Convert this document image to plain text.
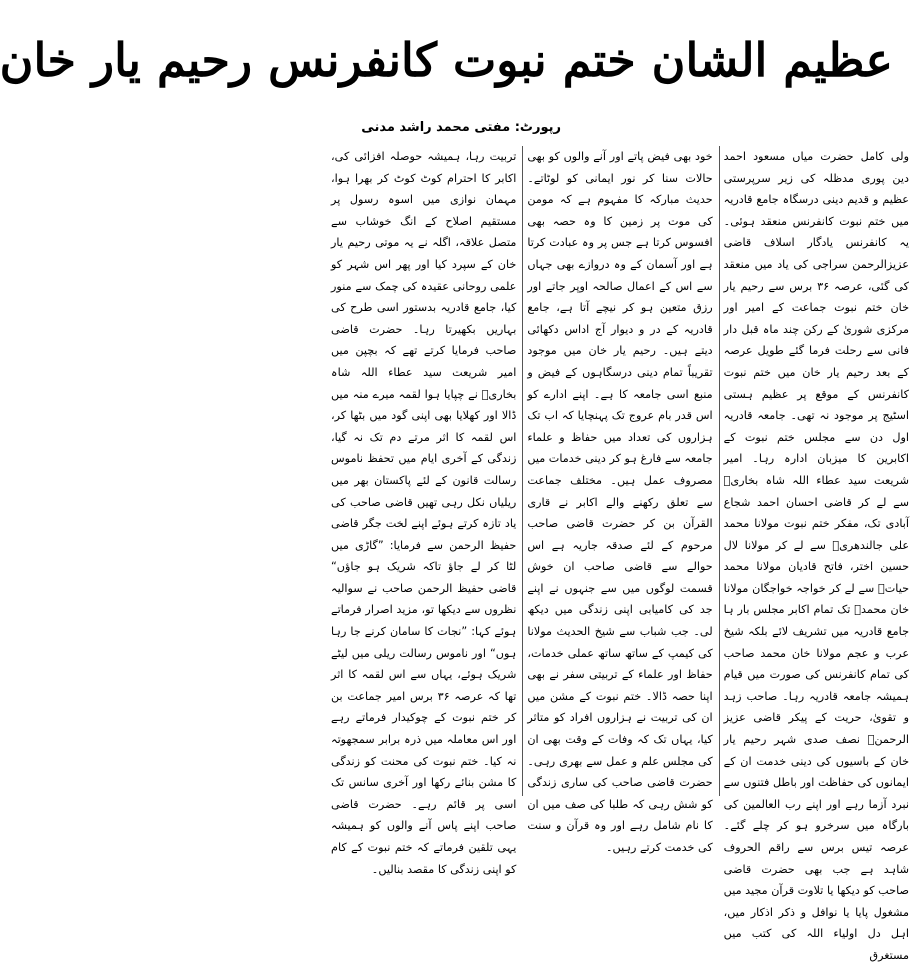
عظیم الشان ختم نبوت کانفرنس رحیم یار خان
رپورٹ: مفتی محمد راشد مدنی

ولی کامل حضرت میاں مسعود احمد دین پوری مدظلہ کی زیر سرپرستی عظیم و قدیم دینی درسگاہ جامع قادریہ میں ختم نبوت کانفرنس منعقد ہوئی۔ یہ کانفرنس یادگار اسلاف قاضی عزیزالرحمن سراجی کی یاد میں منعقد کی گئی، عرصہ ۳۶ برس سے رحیم یار خان ختم نبوت جماعت کے امیر اور مرکزی شوریٰ کے رکن چند ماہ قبل دار فانی سے رحلت فرما گئے طویل عرصہ کے بعد رحیم یار خان میں ختم نبوت کانفرنس کے موقع پر عظیم ہستی اسٹیج پر موجود نہ تھی۔ جامعہ قادریہ اول دن سے مجلس ختم نبوت کے اکابرین کا میزبان ادارہ رہا۔ امیر شریعت سید عطاء اللہ شاہ بخاریؒ سے لے کر قاضی احسان احمد شجاع آبادی تک، مفکر ختم نبوت مولانا محمد علی جالندھریؒ سے لے کر مولانا لال حسین اختر، فاتح قادیان مولانا محمد حیاتؒ سے لے کر خواجہ خواجگان مولانا خان محمدؒ تک تمام اکابر مجلس بار ہا جامع قادریہ میں تشریف لائے بلکہ شیخ عرب و عجم مولانا خان محمد صاحب کی تمام کانفرنس کی صورت میں قیام ہمیشہ جامعہ قادریہ رہا۔ صاحب زہد و تقویٰ، حریت کے پیکر قاضی عزیز الرحمنؒ نصف صدی شہر رحیم یار خان کے باسیوں کی دینی خدمت ان کے ایمانوں کی حفاظت اور باطل فتنوں سے نبرد آزما رہے اور اپنے رب العالمین کی بارگاہ میں سرخرو ہو کر چلے گئے۔ عرصہ تیس برس سے راقم الحروف شاہد ہے جب بھی حضرت قاضی صاحب کو دیکھا یا تلاوت قرآن مجید میں مشغول پایا یا نوافل و ذکر اذکار میں، اہل دل اولیاء اللہ کی کتب میں مستغرق

خود بھی فیض پاتے اور آنے والوں کو بھی حالات سنا کر نور ایمانی کو لوٹاتے۔ حدیث مبارکہ کا مفہوم ہے کہ مومن کی موت پر زمین کا وہ حصہ بھی افسوس کرتا ہے جس پر وہ عبادت کرتا ہے اور آسمان کے وہ دروازے بھی جہاں سے اس کے اعمال صالحہ اوپر جاتے اور رزق متعین ہو کر نیچے آتا ہے، جامع قادریہ کے در و دیوار آج اداس دکھائی دیتے ہیں۔ رحیم یار خان میں موجود تقریباً تمام دینی درسگاہوں کے فیض و منبع اسی جامعہ کا ہے۔ اپنے ادارے کو اس قدر بام عروج تک پہنچایا کہ اب تک ہزاروں کی تعداد میں حفاظ و علماء جامعہ سے فارغ ہو کر دینی خدمات میں مصروف عمل ہیں۔ مختلف جماعت سے تعلق رکھنے والے اکابر نے قاری القرآن بن کر حضرت قاضی صاحب مرحوم کے لئے صدقہ جاریہ ہے اس حوالے سے قاضی صاحب ان خوش قسمت لوگوں میں سے جنہوں نے اپنے جد کی کامیابی اپنی زندگی میں دیکھ لی۔ جب شباب سے شیخ الحدیث مولانا کی کیمپ کے ساتھ ساتھ عملی خدمات، حفاظ اور علماء کے تربیتی سفر نے بھی اپنا حصہ ڈالا۔ ختم نبوت کے مشن میں ان کی تربیت نے ہزاروں افراد کو متاثر کیا، یہاں تک کہ وفات کے وقت بھی ان کی مجلس علم و عمل سے بھری رہی۔ حضرت قاضی صاحب کی ساری زندگی کو شش رہی کہ طلبا کی صف میں ان کا نام شامل رہے اور وہ قرآن و سنت کی خدمت کرتے رہیں۔

تربیت رہا، ہمیشہ حوصلہ افزائی کی، اکابر کا احترام کوٹ کوٹ کر بھرا ہوا، مہمان نوازی میں اسوہ رسول پر مستقیم اصلاح کے انگ خوشاب سے متصل علاقہ، اگلہ نے یہ موتی رحیم یار خان کے سپرد کیا اور پھر اس شہر کو علمی روحانی عقیدہ کی چمک سے منور کیا، جامع قادریہ بدستور اسی طرح کی بہاریں بکھیرتا رہا۔ حضرت قاضی صاحب فرمایا کرتے تھے کہ بچپن میں امیر شریعت سید عطاء اللہ شاہ بخاریؒ نے چپایا ہوا لقمہ میرے منہ میں ڈالا اور کھلایا بھی اپنی گود میں بٹھا کر، اس لقمہ کا اثر مرتے دم تک نہ گیا، زندگی کے آخری ایام میں تحفظ ناموس رسالت قانون کے لئے پاکستان بھر میں ریلیاں نکل رہی تھیں قاضی صاحب کی یاد تازہ کرتے ہوئے اپنے لخت جگر قاضی حفیظ الرحمن سے فرمایا: ”گاڑی میں لٹا کر لے جاؤ تاکہ شریک ہو جاؤں“ قاضی حفیظ الرحمن صاحب نے سوالیہ نظروں سے دیکھا تو، مزید اصرار فرماتے ہوئے کہا: ”نجات کا سامان کرنے جا رہا ہوں“ اور ناموس رسالت ریلی میں لیٹے شریک ہوئے، یہاں سے اس لقمہ کا اثر تھا کہ عرصہ ۳۶ برس امیر جماعت بن کر ختم نبوت کے چوکیدار فرماتے رہے اور اس معاملہ میں ذرہ برابر سمجھوتہ نہ کیا۔ ختم نبوت کی محنت کو زندگی کا مشن بنائے رکھا اور آخری سانس تک اسی پر قائم رہے۔ حضرت قاضی صاحب اپنے پاس آنے والوں کو ہمیشہ یہی تلقین فرماتے کہ ختم نبوت کے کام کو اپنی زندگی کا مقصد بنالیں۔
